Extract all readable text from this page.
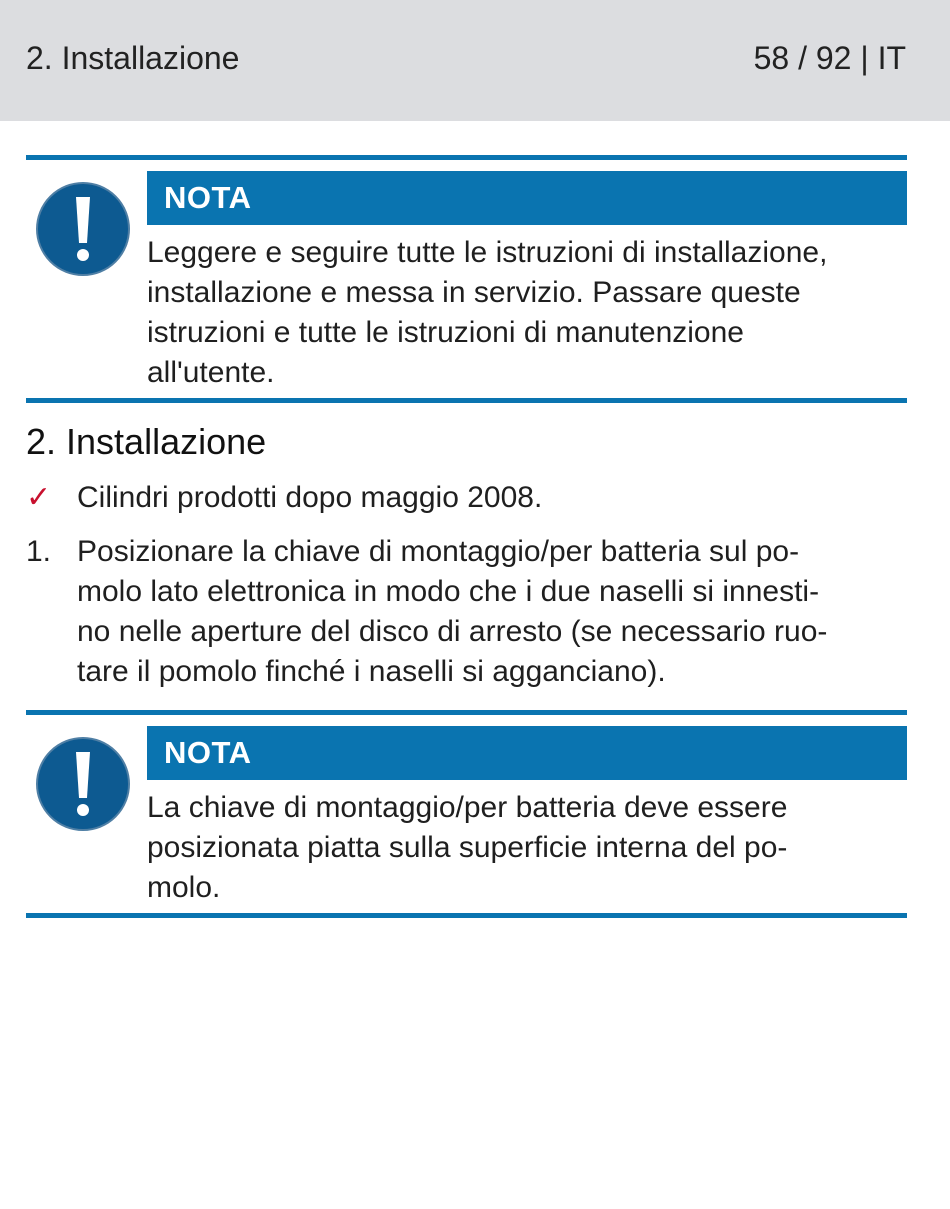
2. Installazione	58 / 92 | IT
NOTA
Leggere e seguire tutte le istruzioni di installazione,
installazione e messa in servizio. Passare queste
istruzioni e tutte le istruzioni di manutenzione
all'utente.
2. Installazione
✓ Cilindri prodotti dopo maggio 2008.
1. Posizionare la chiave di montaggio/per batteria sul po-
molo lato elettronica in modo che i due naselli si innesti-
no nelle aperture del disco di arresto (se necessario ruo-
tare il pomolo finché i naselli si agganciano).
NOTA
La chiave di montaggio/per batteria deve essere
posizionata piatta sulla superficie interna del po-
molo.
